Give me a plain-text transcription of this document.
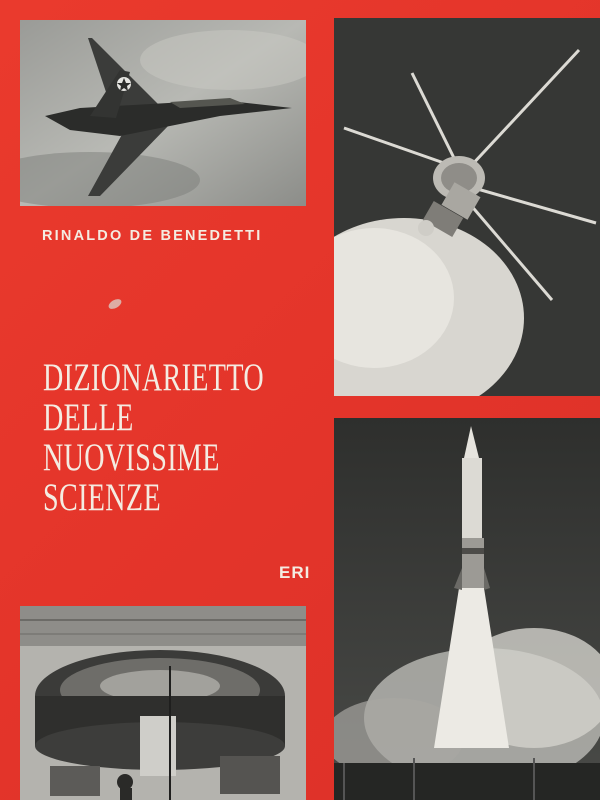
RINALDO DE BENEDETTI
DIZIONARIETTO
DELLE
NUOVISSIME
SCIENZE
ERI
